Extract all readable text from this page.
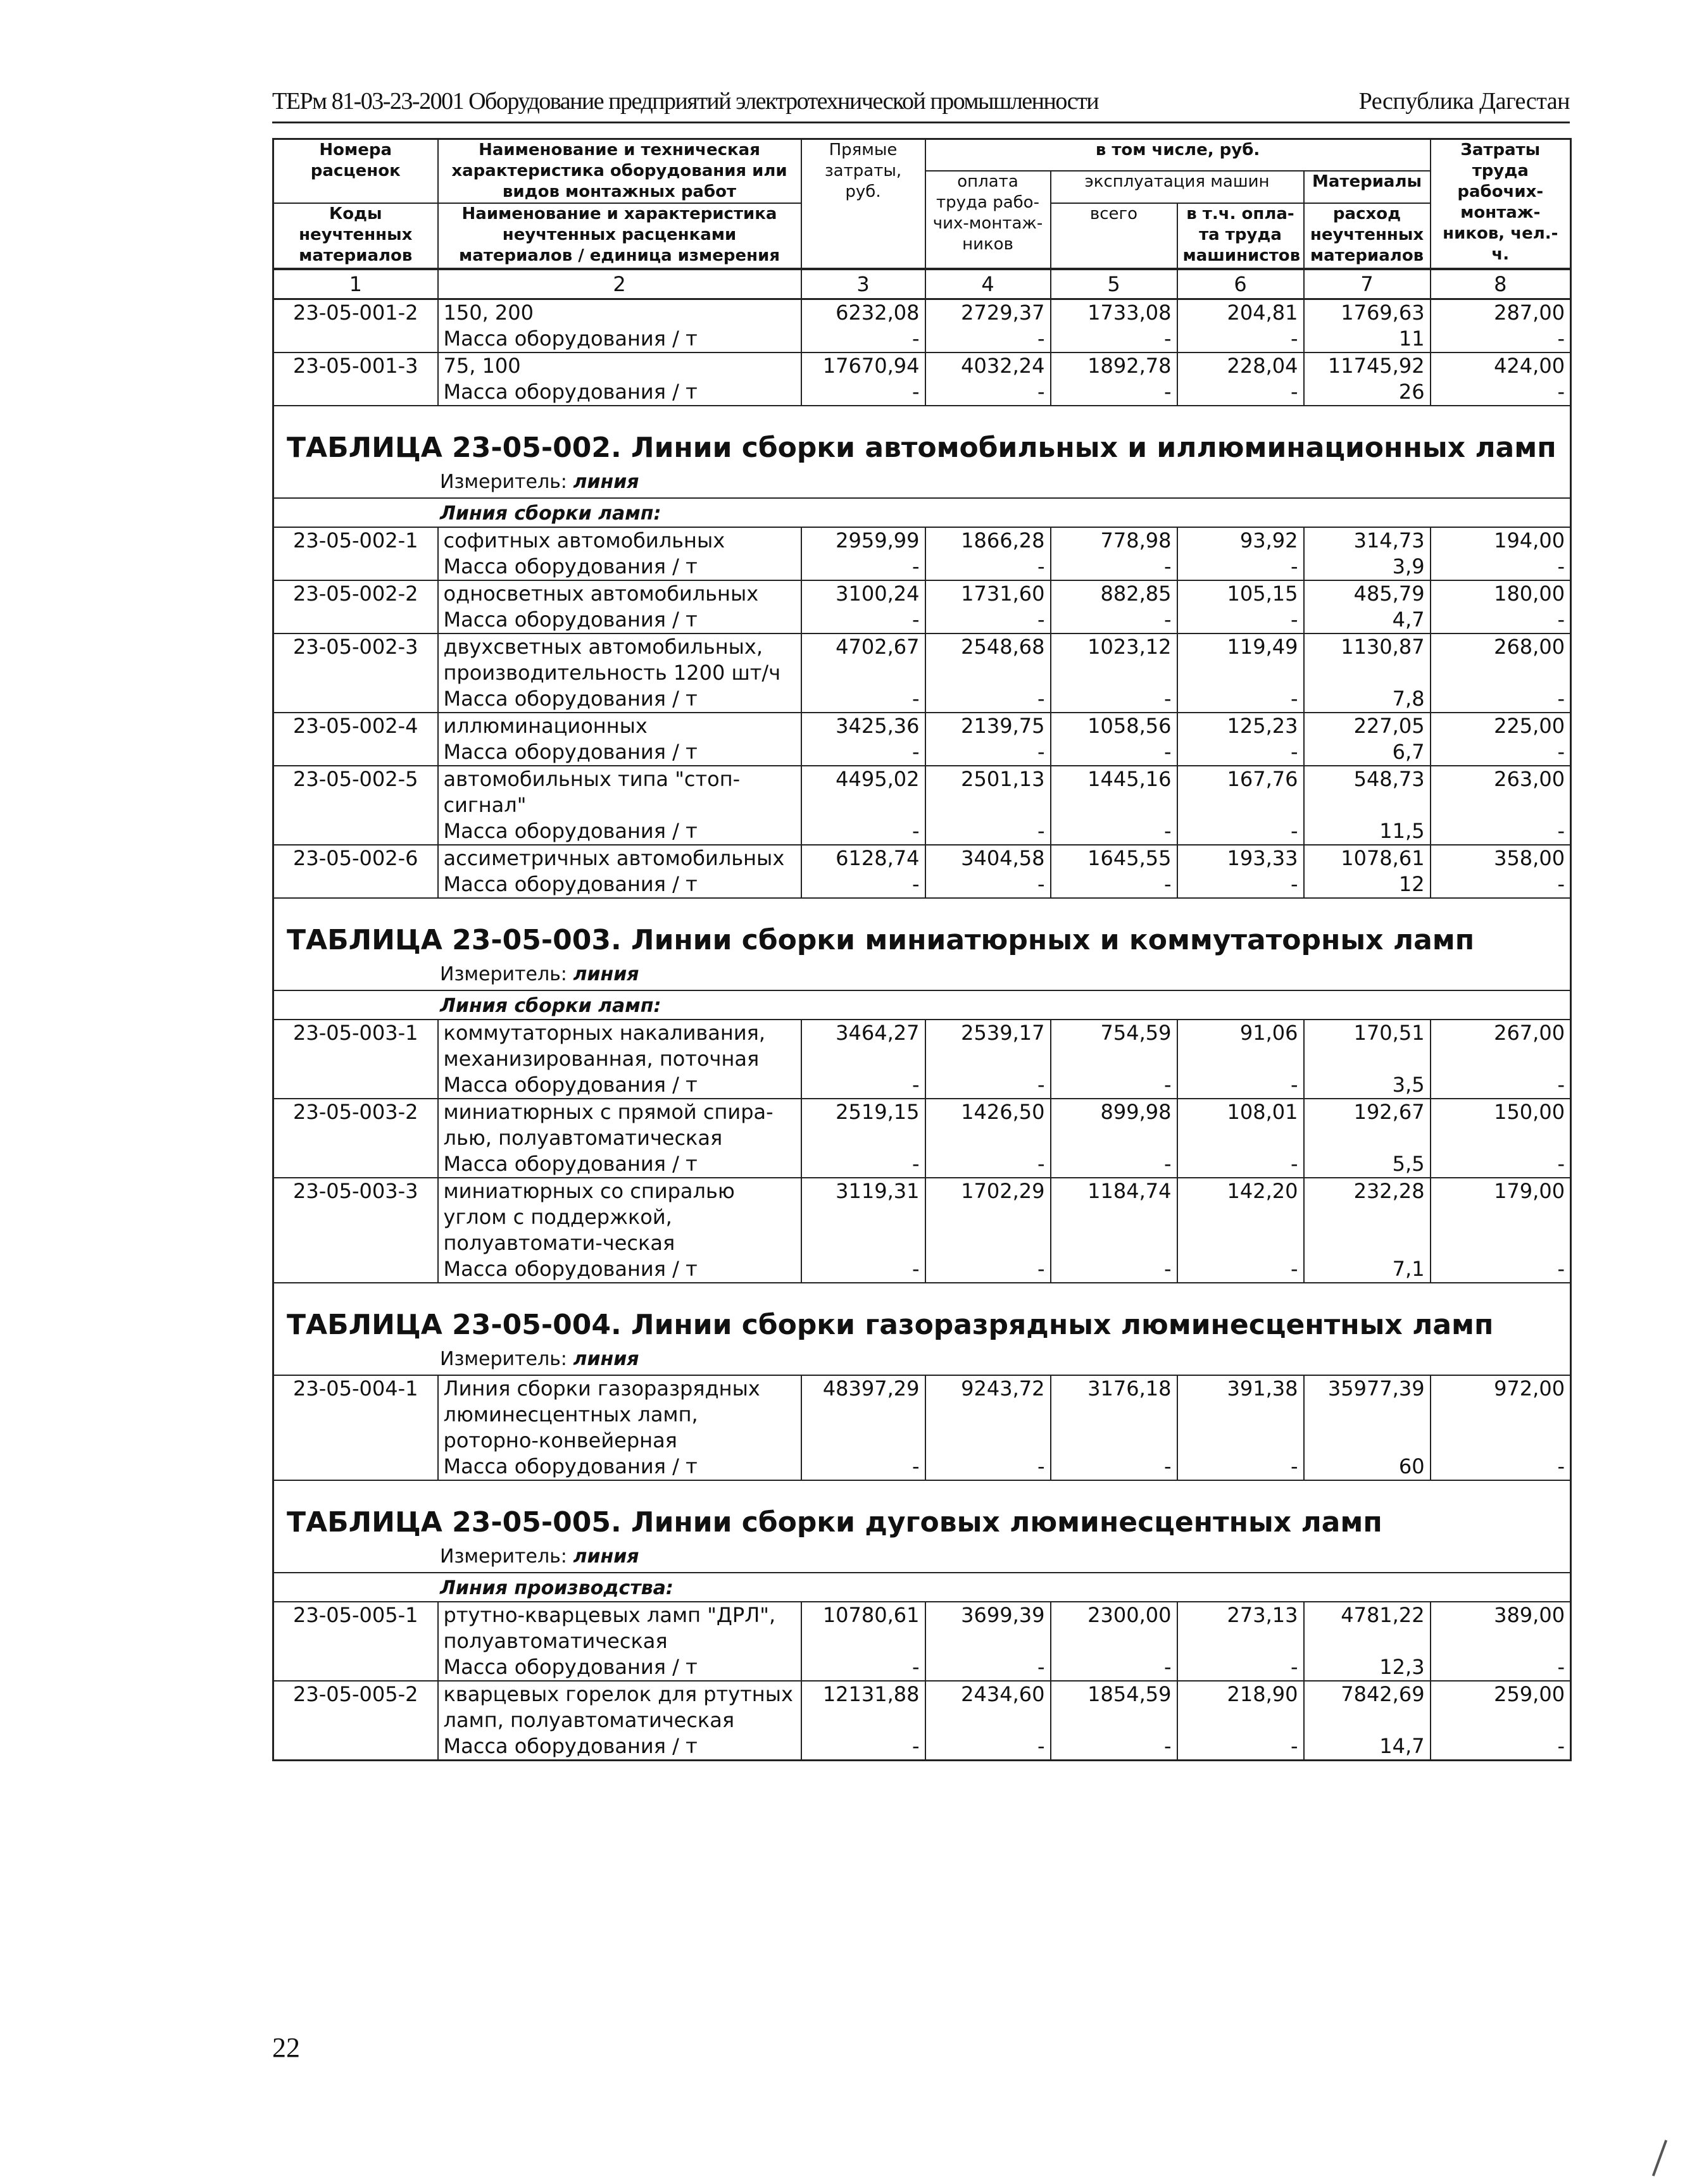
ТЕРм 81-03-23-2001 Оборудование предприятий электротехнической промышленности	Республика Дагестан
Номера расценок	Наименование и техническая характеристика оборудования или видов монтажных работ	Прямые затраты, руб.	в том числе, руб.				Затраты труда рабочих-монтаж-ников, чел.-ч.
			оплата труда рабо-чих-монтаж-ников	эксплуатация машин		Материалы	
Коды неучтенных материалов	Наименование и характеристика неучтенных расценками материалов / единица измерения			всего	в т.ч. опла-та труда машинистов	расход неучтенных материалов	

1	2	3	4	5	6	7	8
23-05-001-2	150, 200	6232,08	2729,37	1733,08	204,81	1769,63	287,00
	Масса оборудования / т	-	-	-	-	11	-
23-05-001-3	75, 100	17670,94	4032,24	1892,78	228,04	11745,92	424,00
	Масса оборудования / т	-	-	-	-	26	-
ТАБЛИЦА 23-05-002. Линии сборки автомобильных и иллюминационных ламп							
Измеритель: линия							
Линия сборки ламп:							
23-05-002-1	софитных автомобильных	2959,99	1866,28	778,98	93,92	314,73	194,00
	Масса оборудования / т	-	-	-	-	3,9	-
23-05-002-2	односветных автомобильных	3100,24	1731,60	882,85	105,15	485,79	180,00
	Масса оборудования / т	-	-	-	-	4,7	-
23-05-002-3	двухсветных автомобильных, производительность 1200 шт/ч	4702,67	2548,68	1023,12	119,49	1130,87	268,00
	Масса оборудования / т	-	-	-	-	7,8	-
23-05-002-4	иллюминационных	3425,36	2139,75	1058,56	125,23	227,05	225,00
	Масса оборудования / т	-	-	-	-	6,7	-
23-05-002-5	автомобильных типа "стоп-сигнал"	4495,02	2501,13	1445,16	167,76	548,73	263,00
	Масса оборудования / т	-	-	-	-	11,5	-
23-05-002-6	ассиметричных автомобильных	6128,74	3404,58	1645,55	193,33	1078,61	358,00
	Масса оборудования / т	-	-	-	-	12	-
ТАБЛИЦА 23-05-003. Линии сборки миниатюрных и коммутаторных ламп							
Измеритель: линия							
Линия сборки ламп:							
23-05-003-1	коммутаторных накаливания, механизированная, поточная	3464,27	2539,17	754,59	91,06	170,51	267,00
	Масса оборудования / т	-	-	-	-	3,5	-
23-05-003-2	миниатюрных с прямой спира-лью, полуавтоматическая	2519,15	1426,50	899,98	108,01	192,67	150,00
	Масса оборудования / т	-	-	-	-	5,5	-
23-05-003-3	миниатюрных со спиралью углом с поддержкой, полуавтомати-ческая	3119,31	1702,29	1184,74	142,20	232,28	179,00
	Масса оборудования / т	-	-	-	-	7,1	-
ТАБЛИЦА 23-05-004. Линии сборки газоразрядных люминесцентных ламп							
Измеритель: линия							
23-05-004-1	Линия сборки газоразрядных люминесцентных ламп, роторно-конвейерная	48397,29	9243,72	3176,18	391,38	35977,39	972,00
	Масса оборудования / т	-	-	-	-	60	-
ТАБЛИЦА 23-05-005. Линии сборки дуговых люминесцентных ламп							
Измеритель: линия							
Линия производства:							
23-05-005-1	ртутно-кварцевых ламп "ДРЛ", полуавтоматическая	10780,61	3699,39	2300,00	273,13	4781,22	389,00
	Масса оборудования / т	-	-	-	-	12,3	-
23-05-005-2	кварцевых горелок для ртутных ламп, полуавтоматическая	12131,88	2434,60	1854,59	218,90	7842,69	259,00
	Масса оборудования / т	-	-	-	-	14,7	-
22
